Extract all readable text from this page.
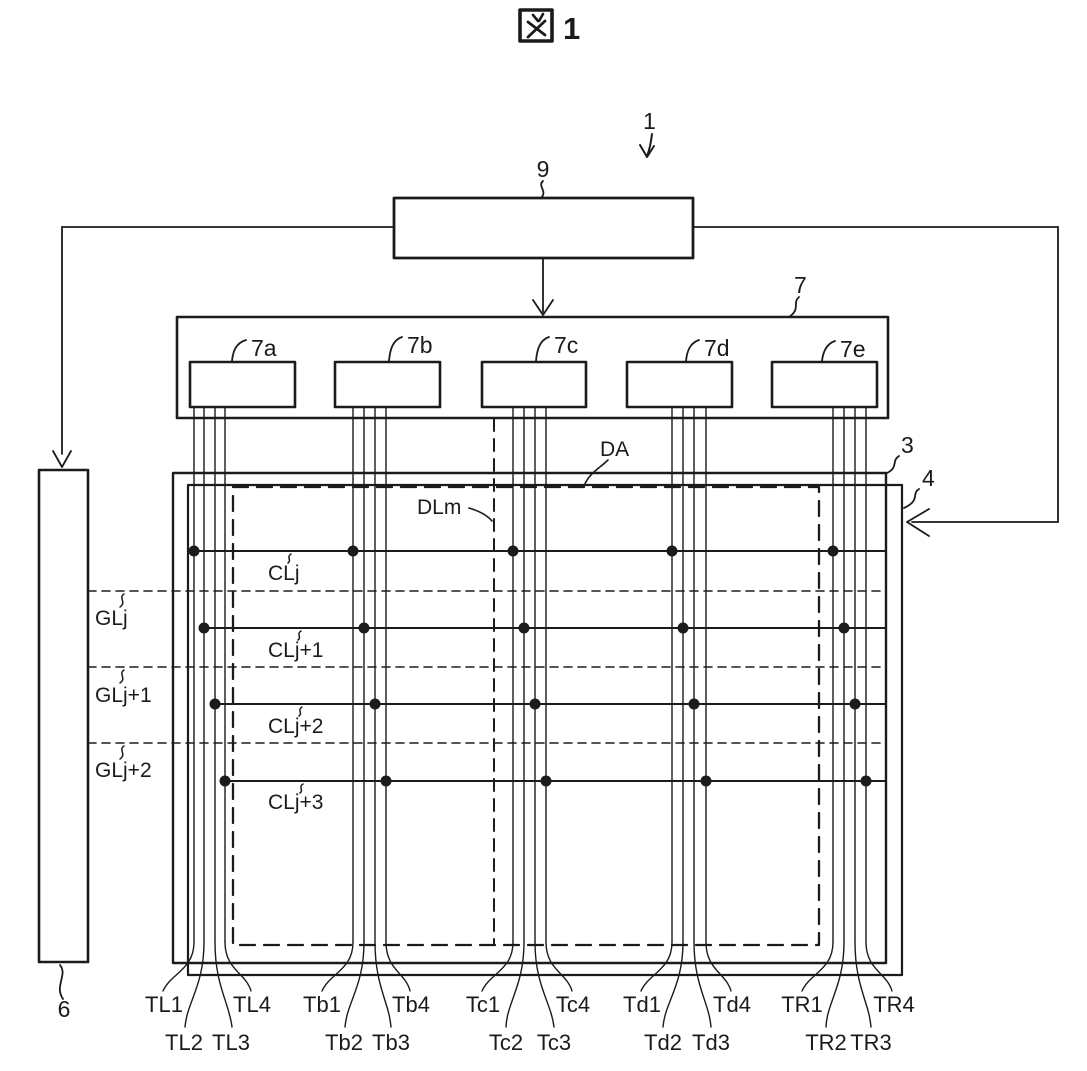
1
1
9
7
7a	7b	7c	7d	7e
3
4
DA
DLm
6
GLj
GLj+1
GLj+2
CLj
CLj+1
CLj+2
CLj+3
TL1
TL2 TL3
TL4 Tb1
Tb2 Tb3
Tb4 Tc1
Tc2 Tc3
Tc4 Td1
Td2 Td3
Td4 TR1
TR2 TR3
TR4
